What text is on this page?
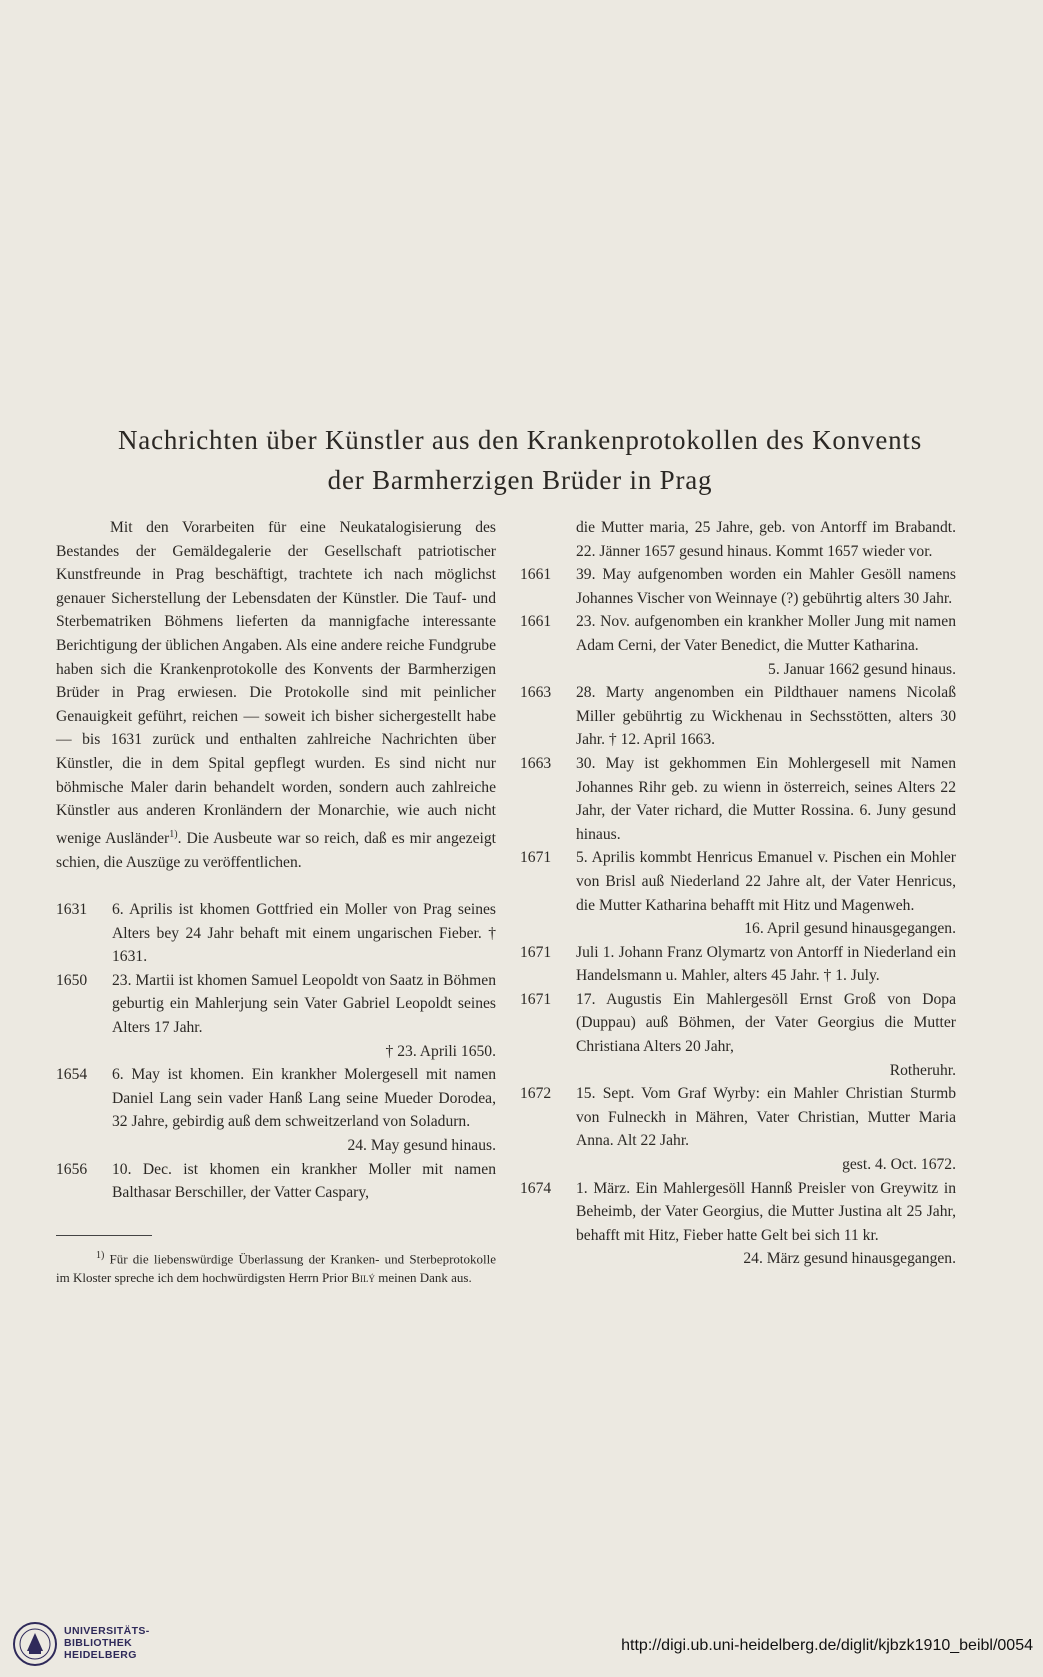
Nachrichten über Künstler aus den Krankenprotokollen des Konvents
der Barmherzigen Brüder in Prag

Mit den Vorarbeiten für eine Neukatalogisierung des Bestandes der Gemäldegalerie der Gesellschaft patriotischer Kunstfreunde in Prag beschäftigt, trachtete ich nach möglichst genauer Sicherstellung der Lebensdaten der Künstler. Die Tauf- und Sterbematriken Böhmens lieferten da mannigfache interessante Berichtigung der üblichen Angaben. Als eine andere reiche Fundgrube haben sich die Krankenprotokolle des Konvents der Barmherzigen Brüder in Prag erwiesen. Die Protokolle sind mit peinlicher Genauigkeit geführt, reichen — soweit ich bisher sichergestellt habe — bis 1631 zurück und enthalten zahlreiche Nachrichten über Künstler, die in dem Spital gepflegt wurden. Es sind nicht nur böhmische Maler darin behandelt worden, sondern auch zahlreiche Künstler aus anderen Kronländern der Monarchie, wie auch nicht wenige Ausländer$^{1)}$. Die Ausbeute war so reich, daß es mir angezeigt schien, die Auszüge zu veröffentlichen.

1631 6. Aprilis ist khomen Gottfried ein Moller von Prag seines Alters bey 24 Jahr behaft mit einem ungarischen Fieber. † 1631.
1650 23. Martii ist khomen Samuel Leopoldt von Saatz in Böhmen geburtig ein Mahlerjung sein Vater Gabriel Leopoldt seines Alters 17 Jahr.

† 23. Aprili 1650.

1654 6. May ist khomen. Ein krankher Molergesell mit namen Daniel Lang sein vader Hanß Lang seine Mueder Dorodea, 32 Jahre, gebirdig auß dem schweitzerland von Soladurn.

24. May gesund hinaus.

1656 10. Dec. ist khomen ein krankher Moller mit namen Balthasar Berschiller, der Vatter Caspary,

$^{1)}$ Für die liebenswürdige Überlassung der Kranken- und Sterbeprotokolle im Kloster spreche ich dem hochwürdigsten Herrn Prior Bilý meinen Dank aus.

die Mutter maria, 25 Jahre, geb. von Antorff im Brabandt. 22. Jänner 1657 gesund hinaus. Kommt 1657 wieder vor.
1661 39. May aufgenomben worden ein Mahler Gesöll namens Johannes Vischer von Weinnaye (?) gebührtig alters 30 Jahr.
1661 23. Nov. aufgenomben ein krankher Moller Jung mit namen Adam Cerni, der Vater Benedict, die Mutter Katharina.

5. Januar 1662 gesund hinaus.

1663 28. Marty angenomben ein Pildthauer namens Nicolaß Miller gebührtig zu Wickhenau in Sechsstötten, alters 30 Jahr. † 12. April 1663.
1663 30. May ist gekhommen Ein Mohlergesell mit Namen Johannes Rihr geb. zu wienn in österreich, seines Alters 22 Jahr, der Vater richard, die Mutter Rossina. 6. Juny gesund hinaus.
1671 5. Aprilis kommbt Henricus Emanuel v. Pischen ein Mohler von Brisl auß Niederland 22 Jahre alt, der Vater Henricus, die Mutter Katharina behafft mit Hitz und Magenweh.

16. April gesund hinausgegangen.

1671 Juli 1. Johann Franz Olymartz von Antorff in Niederland ein Handelsmann u. Mahler, alters 45 Jahr. † 1. July.
1671 17. Augustis Ein Mahlergesöll Ernst Groß von Dopa (Duppau) auß Böhmen, der Vater Georgius die Mutter Christiana Alters 20 Jahr,

Rotheruhr.

1672 15. Sept. Vom Graf Wyrby: ein Mahler Christian Sturmb von Fulneckh in Mähren, Vater Christian, Mutter Maria Anna. Alt 22 Jahr.

gest. 4. Oct. 1672.

1674 1. März. Ein Mahlergesöll Hannß Preisler von Greywitz in Beheimb, der Vater Georgius, die Mutter Justina alt 25 Jahr, behafft mit Hitz, Fieber hatte Gelt bei sich 11 kr.

24. März gesund hinausgegangen.

UNIVERSITÄTS-
BIBLIOTHEK
HEIDELBERG
http://digi.ub.uni-heidelberg.de/diglit/kjbzk1910_beibl/0054
